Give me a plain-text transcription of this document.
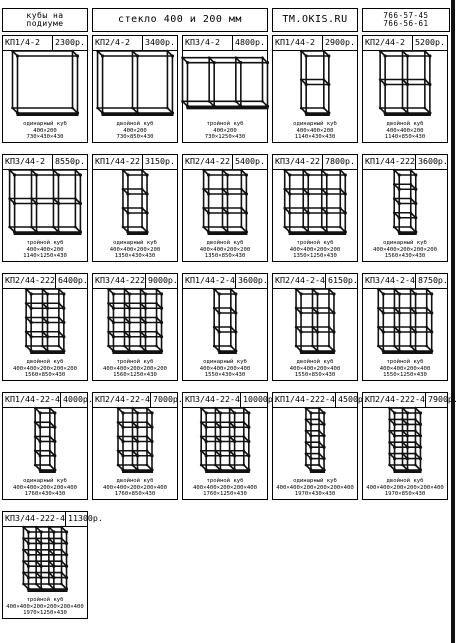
кубы на
подиуме	стекло 400 и 200 мм	TM.OKIS.RU	766-57-45
766-56-61
КП1/4-2	2300р.
одинарный куб
400×200
730×430×430
КП2/4-2	3400р.
двойной куб
400×200
730×850×430
КП3/4-2	4800р.
тройной куб
400×200
730×1250×430
КП1/44-2	2900р.
одинарный куб
400×400×200
1140×430×430
КП2/44-2	5200р.
двойной куб
400×400×200
1140×850×430
КП3/44-2	8550р.
тройной куб
400×400×200
1140×1250×430
КП1/44-22 3150р.
одинарный куб
400×400×200×200
1350×430×430
КП2/44-22 5400р.
двойной куб
400×400×200×200
1350×850×430
КП3/44-22 7800р.
тройной куб
400×400×200×200
1350×1250×430
КП1/44-222 3600р.
одинарный куб
400×400×200×200×200
1560×430×430
КП2/44-222 6400р.
двойной куб
400×400×200×200×200
1560×850×430
КП3/44-222 9000р.
тройной куб
400×400×200×200×200
1560×1250×430
КП1/44-2-4 3600р.
одинарный куб
400×400×200×400
1550×430×430
КП2/44-2-4 6150р.
двойной куб
400×400×200×400
1550×850×430
КП3/44-2-4 8750р.
тройной куб
400×400×200×400
1550×1250×430
КП1/44-22-4 4000р.
одинарный куб
400×400×200×200×400
1760×430×430
КП2/44-22-4 7000р.
двойной куб
400×400×200×200×400
1760×850×430
КП3/44-22-4 10000р.
тройной куб
400×400×200×200×400
1760×1250×430
КП1/44-222-4 4500р.
одинарный куб
400×400×200×200×200×400
1970×430×430
КП2/44-222-4 7900р.
двойной куб
400×400×200×200×200×400
1970×850×430
КП3/44-222-4 11300р.
тройной куб
400×400×200×200×200×400
1970×1250×430
